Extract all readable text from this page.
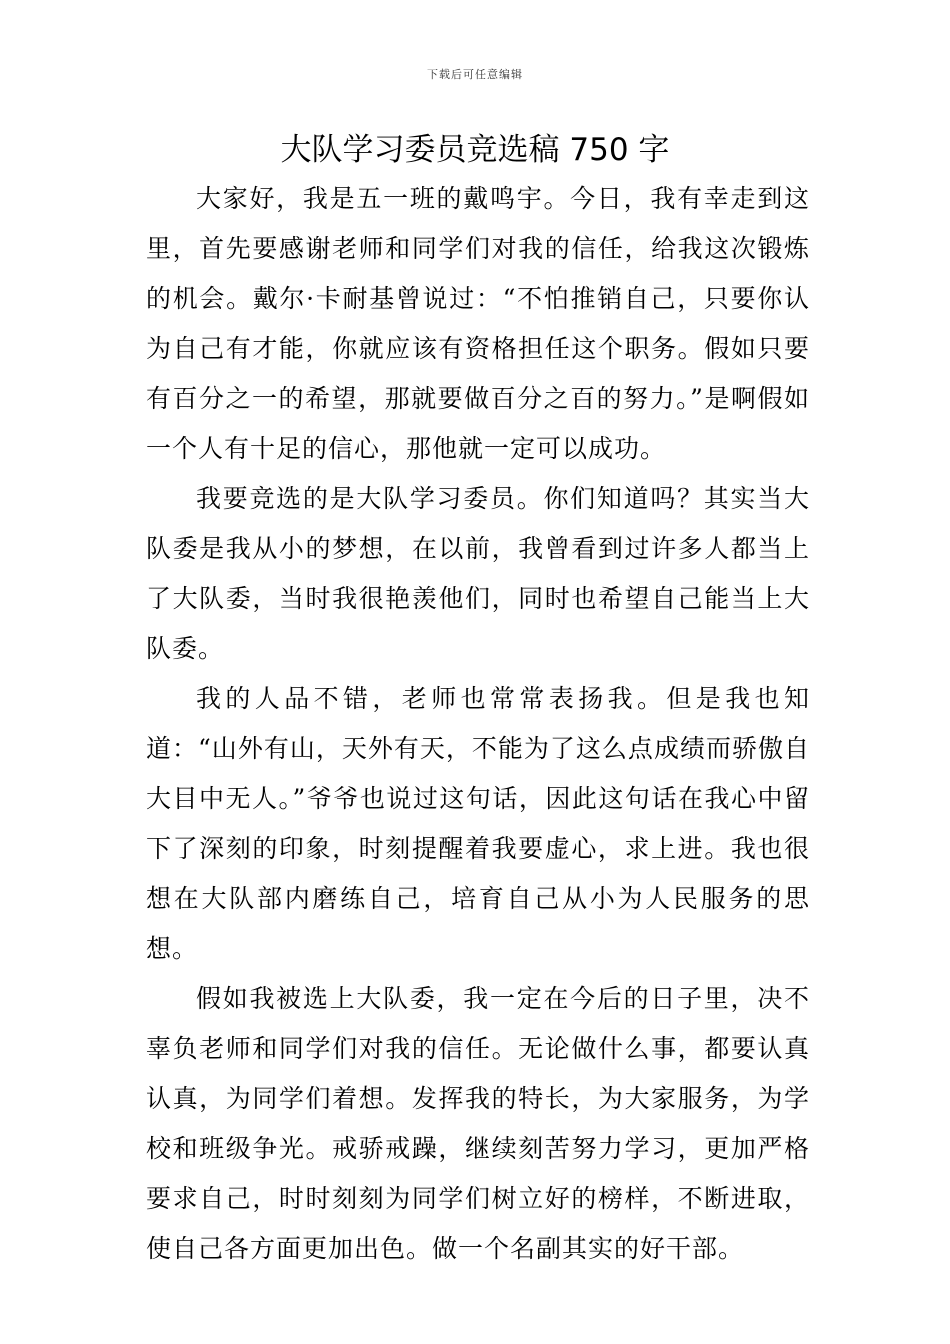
下载后可任意编辑
大队学习委员竞选稿 750 字

大家好，我是五一班的戴鸣宇。今日，我有幸走到这里，首先要感谢老师和同学们对我的信任，给我这次锻炼的机会。戴尔·卡耐基曾说过：“不怕推销自己，只要你认为自己有才能，你就应该有资格担任这个职务。假如只要有百分之一的希望，那就要做百分之百的努力。”是啊假如一个人有十足的信心，那他就一定可以成功。

我要竞选的是大队学习委员。你们知道吗？其实当大队委是我从小的梦想，在以前，我曾看到过许多人都当上了大队委，当时我很艳羡他们，同时也希望自己能当上大队委。

我的人品不错，老师也常常表扬我。但是我也知道：“山外有山，天外有天，不能为了这么点成绩而骄傲自大目中无人。”爷爷也说过这句话，因此这句话在我心中留下了深刻的印象，时刻提醒着我要虚心，求上进。我也很想在大队部内磨练自己，培育自己从小为人民服务的思想。

假如我被选上大队委，我一定在今后的日子里，决不辜负老师和同学们对我的信任。无论做什么事，都要认真认真，为同学们着想。发挥我的特长，为大家服务，为学校和班级争光。戒骄戒躁，继续刻苦努力学习，更加严格要求自己，时时刻刻为同学们树立好的榜样，不断进取，使自己各方面更加出色。做一个名副其实的好干部。
